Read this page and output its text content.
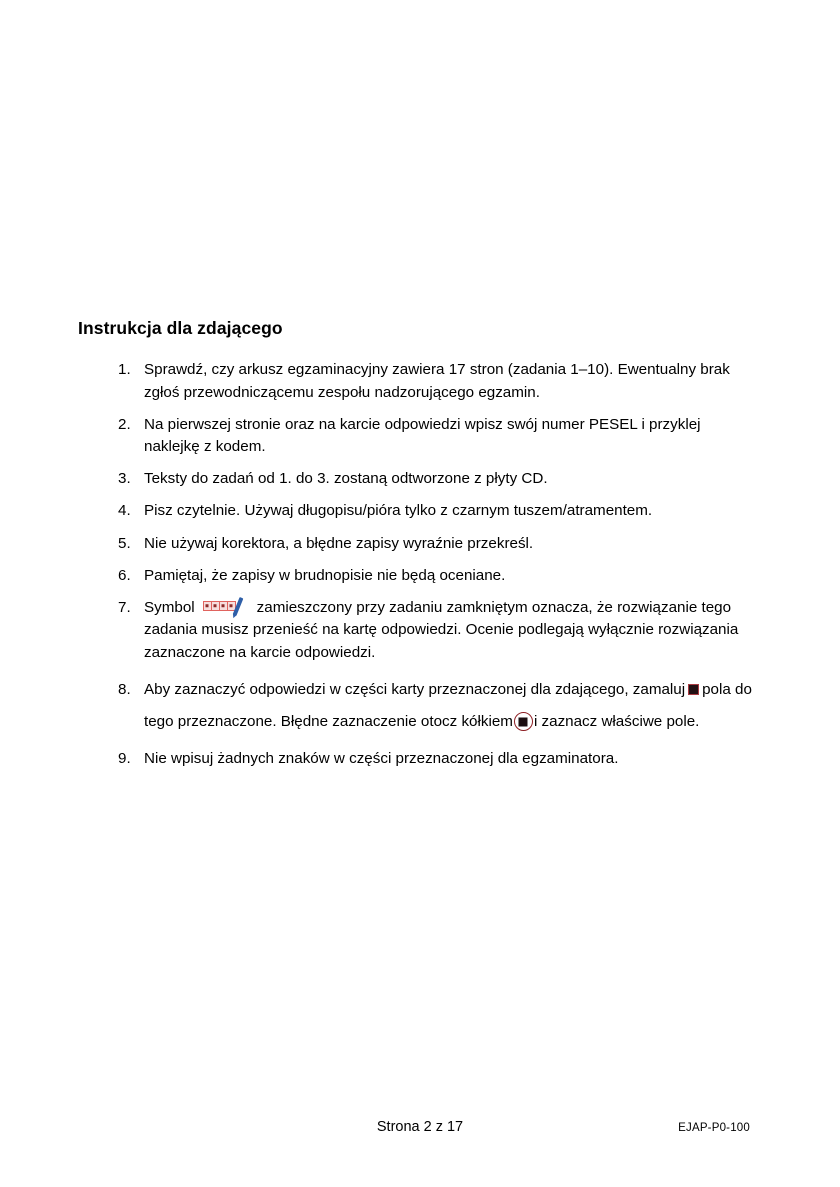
Instrukcja dla zdającego
1. Sprawdź, czy arkusz egzaminacyjny zawiera 17 stron (zadania 1–10). Ewentualny brak zgłoś przewodniczącemu zespołu nadzorującego egzamin.
2. Na pierwszej stronie oraz na karcie odpowiedzi wpisz swój numer PESEL i przyklej naklejkę z kodem.
3. Teksty do zadań od 1. do 3. zostaną odtworzone z płyty CD.
4. Pisz czytelnie. Używaj długopisu/pióra tylko z czarnym tuszem/atramentem.
5. Nie używaj korektora, a błędne zapisy wyraźnie przekreśl.
6. Pamiętaj, że zapisy w brudnopisie nie będą oceniane.
7. Symbol	zamieszczony przy zadaniu zamkniętym oznacza, że rozwiązanie tego zadania musisz przenieść na kartę odpowiedzi. Ocenie podlegają wyłącznie rozwiązania zaznaczone na karcie odpowiedzi.
8. Aby zaznaczyć odpowiedzi w części karty przeznaczonej dla zdającego, zamaluj pola do tego przeznaczone. Błędne zaznaczenie otocz kółkiem i zaznacz właściwe pole.
9. Nie wpisuj żadnych znaków w części przeznaczonej dla egzaminatora.
Strona 2 z 17	EJAP-P0-100
